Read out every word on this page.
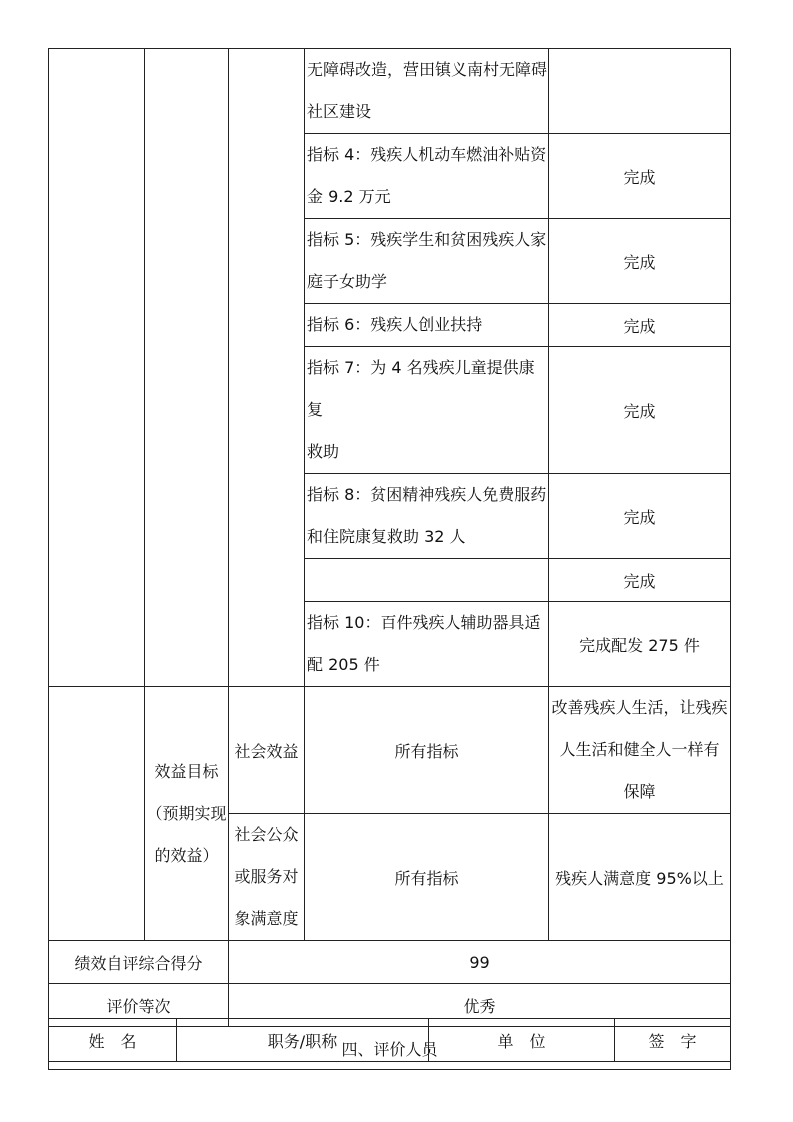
			无障碍改造，营田镇义南村无障碍
社区建设	
			指标 4：残疾人机动车燃油补贴资
金 9.2 万元	完成
			指标 5：残疾学生和贫困残疾人家
庭子女助学	完成
			指标 6：残疾人创业扶持	完成
			指标 7：为 4 名残疾儿童提供康复
救助	完成
			指标 8：贫困精神残疾人免费服药
和住院康复救助 32 人	完成
				完成
			指标 10：百件残疾人辅助器具适
配 205 件	完成配发 275 件
	效益目标
（预期实现
的效益）	社会效益	所有指标	改善残疾人生活，让残疾
人生活和健全人一样有
保障
		社会公众
或服务对
象满意度	所有指标	残疾人满意度 95%以上
绩效自评综合得分		99		
评价等次		优秀		
四、评价人员				
姓　名	职务/职称	单　位	签　字
